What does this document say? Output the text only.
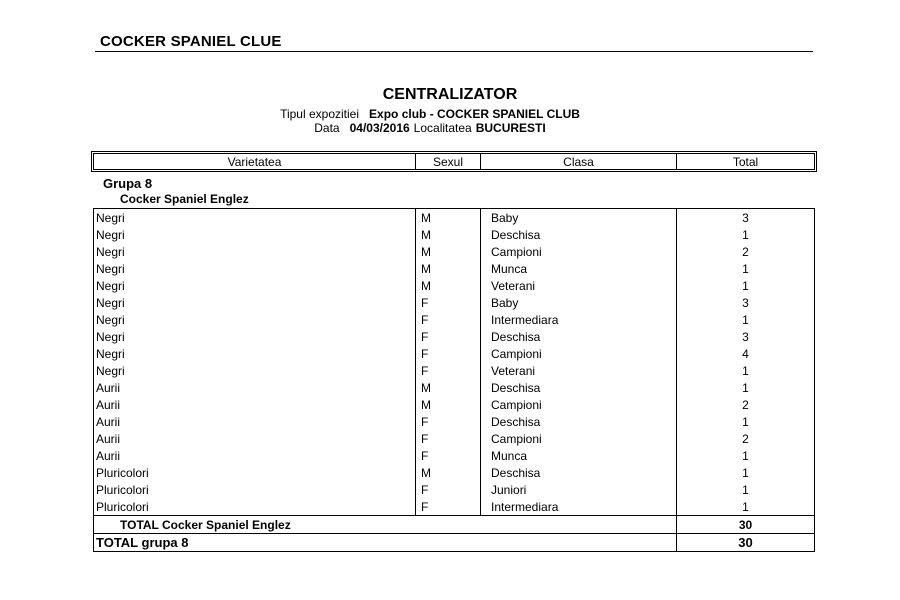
COCKER SPANIEL CLUE
CENTRALIZATOR
Tipul expozitiei Expo club - COCKER SPANIEL CLUB
Data 04/03/2016 Localitatea BUCURESTI
Varietatea	Sexul	Clasa	Total
Grupa 8
Cocker Spaniel Englez
Negri	M	Baby	3
Negri	M	Deschisa	1
Negri	M	Campioni	2
Negri	M	Munca	1
Negri	M	Veterani	1
Negri	F	Baby	3
Negri	F	Intermediara	1
Negri	F	Deschisa	3
Negri	F	Campioni	4
Negri	F	Veterani	1
Aurii	M	Deschisa	1
Aurii	M	Campioni	2
Aurii	F	Deschisa	1
Aurii	F	Campioni	2
Aurii	F	Munca	1
Pluricolori	M	Deschisa	1
Pluricolori	F	Juniori	1
Pluricolori	F	Intermediara	1
TOTAL Cocker Spaniel Englez	30
TOTAL grupa 8	30
